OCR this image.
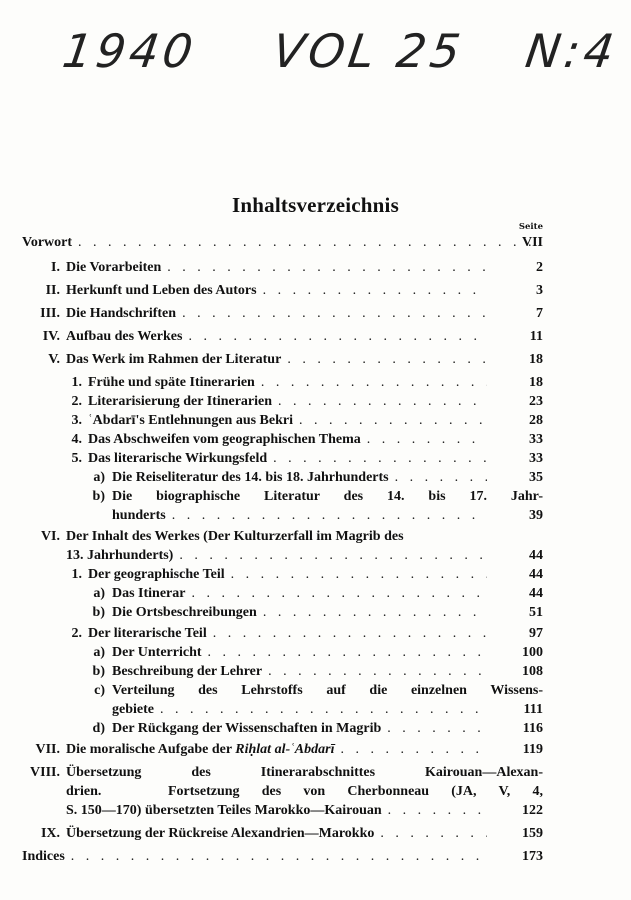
1940 VOL 25 N:4
Inhaltsverzeichnis
Seite
Vorwort . . .	VII
I. Die Vorarbeiten . . .	2
II. Herkunft und Leben des Autors . . .	3
III. Die Handschriften . . .	7
IV. Aufbau des Werkes . . .	11
V. Das Werk im Rahmen der Literatur . . .	18
1. Frühe und späte Itinerarien . . .	18
2. Literarisierung der Itinerarien . . .	23
3. ʿAbdarī's Entlehnungen aus Bekri . . .	28
4. Das Abschweifen vom geographischen Thema . . .	33
5. Das literarische Wirkungsfeld . . .	33
a) Die Reiseliteratur des 14. bis 18. Jahrhunderts . . .	35
b) Die biographische Literatur des 14. bis 17. Jahr-
hunderts . . .	39
VI. Der Inhalt des Werkes (Der Kulturzerfall im Magrib des
13. Jahrhunderts) . . .	44
1. Der geographische Teil . . .	44
a) Das Itinerar . . .	44
b) Die Ortsbeschreibungen . . .	51
2. Der literarische Teil . . .	97
a) Der Unterricht . . .	100
b) Beschreibung der Lehrer . . .	108
c) Verteilung des Lehrstoffs auf die einzelnen Wissens-
gebiete . . .	111
d) Der Rückgang der Wissenschaften in Magrib . . .	116
VII. Die moralische Aufgabe der Riḥlat al-ʿAbdarī . . .	119
VIII. Übersetzung des Itinerarabschnittes Kairouan—Alexan-
drien.   Fortsetzung des von Cherbonneau (JA, V, 4,
S. 150—170) übersetzten Teiles Marokko—Kairouan . . .	122
IX. Übersetzung der Rückreise Alexandrien—Marokko . . .	159
Indices . . .	173
